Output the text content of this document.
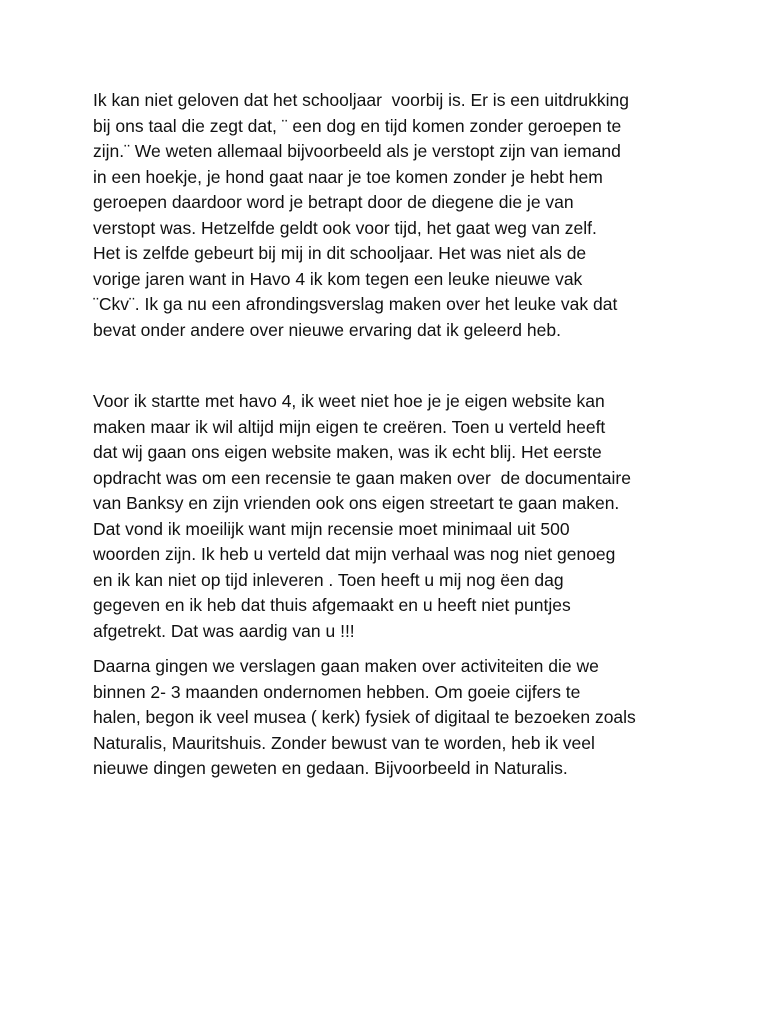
Ik kan niet geloven dat het schooljaar  voorbij is. Er is een uitdrukking
bij ons taal die zegt dat, ¨ een dog en tijd komen zonder geroepen te
zijn.¨ We weten allemaal bijvoorbeeld als je verstopt zijn van iemand
in een hoekje, je hond gaat naar je toe komen zonder je hebt hem
geroepen daardoor word je betrapt door de diegene die je van
verstopt was. Hetzelfde geldt ook voor tijd, het gaat weg van zelf.
Het is zelfde gebeurt bij mij in dit schooljaar. Het was niet als de
vorige jaren want in Havo 4 ik kom tegen een leuke nieuwe vak
¨Ckv¨. Ik ga nu een afrondingsverslag maken over het leuke vak dat
bevat onder andere over nieuwe ervaring dat ik geleerd heb.
Voor ik startte met havo 4, ik weet niet hoe je je eigen website kan
maken maar ik wil altijd mijn eigen te creëren. Toen u verteld heeft
dat wij gaan ons eigen website maken, was ik echt blij. Het eerste
opdracht was om een recensie te gaan maken over  de documentaire
van Banksy en zijn vrienden ook ons eigen streetart te gaan maken.
Dat vond ik moeilijk want mijn recensie moet minimaal uit 500
woorden zijn. Ik heb u verteld dat mijn verhaal was nog niet genoeg
en ik kan niet op tijd inleveren . Toen heeft u mij nog ëen dag
gegeven en ik heb dat thuis afgemaakt en u heeft niet puntjes
afgetrekt. Dat was aardig van u !!!
Daarna gingen we verslagen gaan maken over activiteiten die we
binnen 2- 3 maanden ondernomen hebben. Om goeie cijfers te
halen, begon ik veel musea ( kerk) fysiek of digitaal te bezoeken zoals
Naturalis, Mauritshuis. Zonder bewust van te worden, heb ik veel
nieuwe dingen geweten en gedaan. Bijvoorbeeld in Naturalis.
